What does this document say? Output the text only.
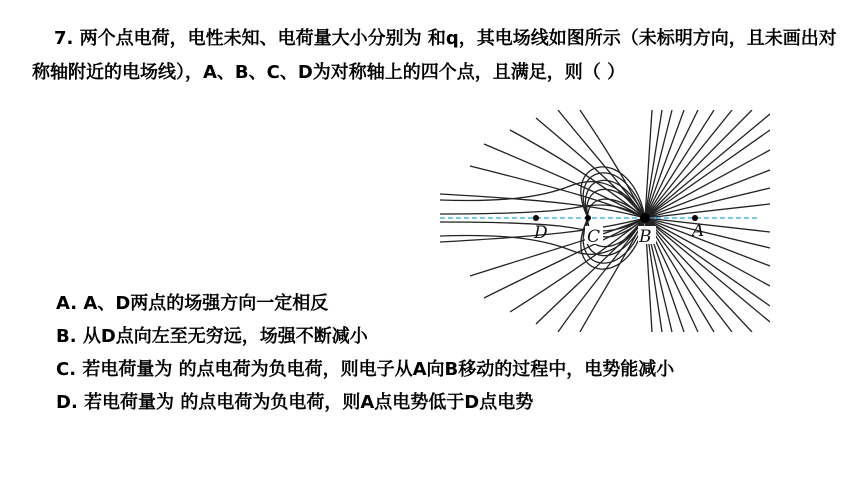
7. 两个点电荷，电性未知、电荷量大小分别为 和q，其电场线如图所示（未标明方向，且未画出对称轴附近的电场线），A、B、C、D为对称轴上的四个点，且满足，则（ ）
D C B A
A. A、D两点的场强方向一定相反
B. 从D点向左至无穷远，场强不断减小
C. 若电荷量为 的点电荷为负电荷，则电子从A向B移动的过程中，电势能减小
D. 若电荷量为 的点电荷为负电荷，则A点电势低于D点电势
